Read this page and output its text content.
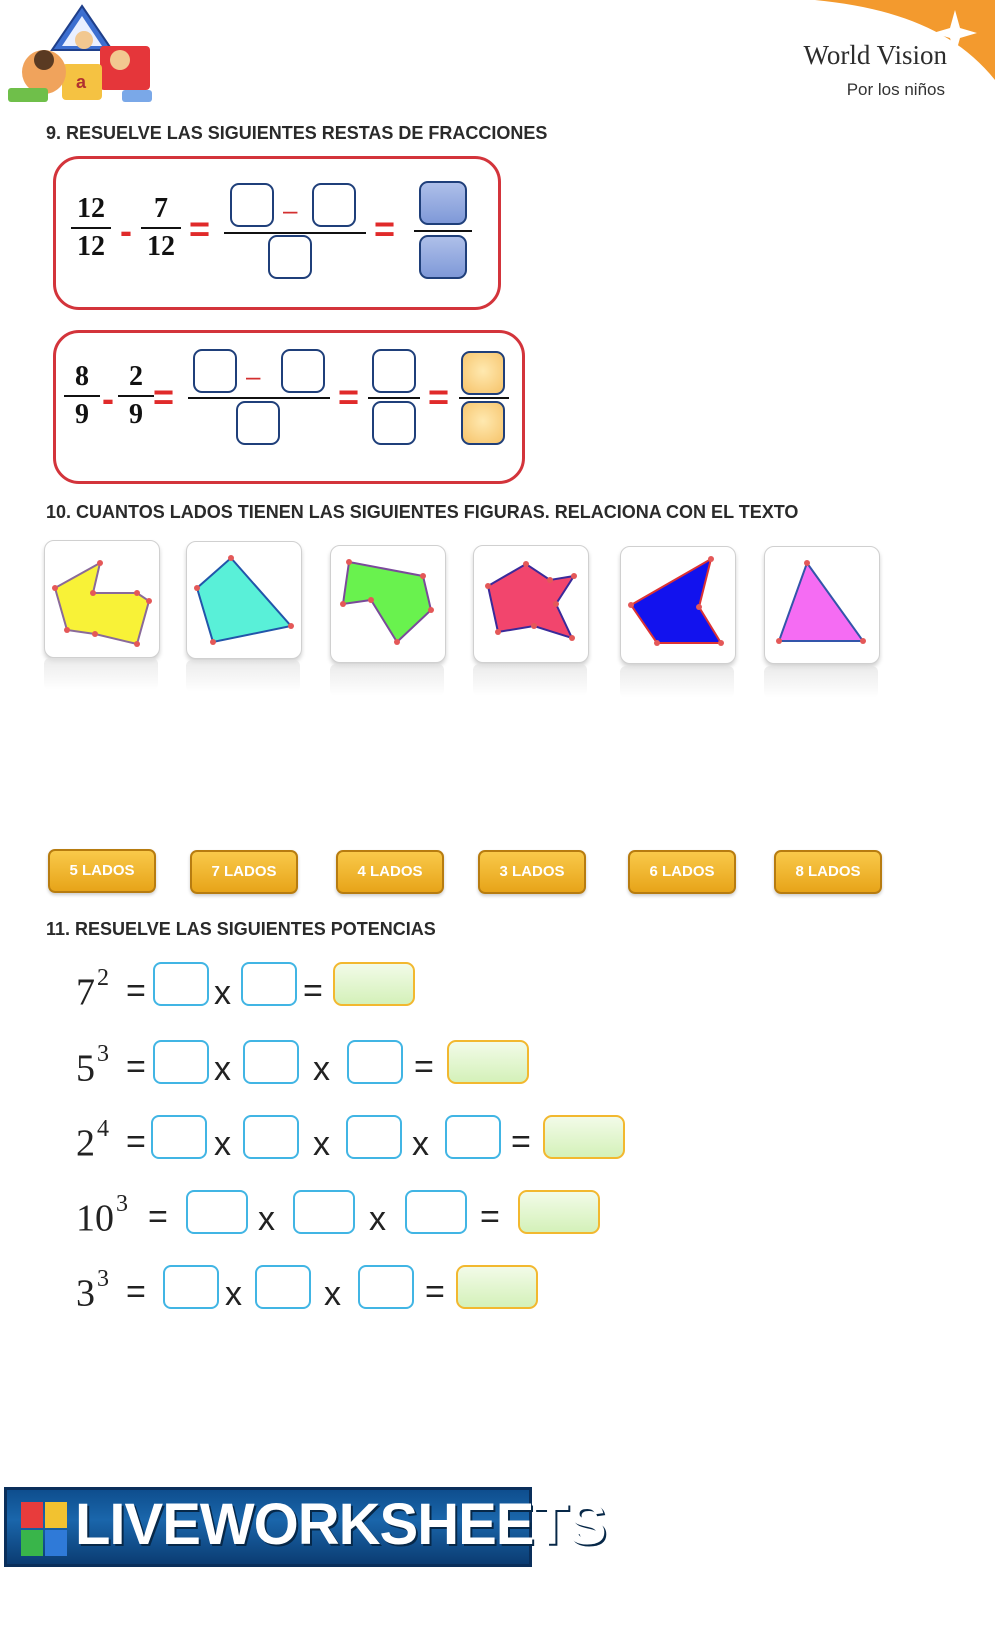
a
World Vision
Por los niños
9. RESUELVE LAS SIGUIENTES RESTAS DE FRACCIONES
$\frac{12}{12} - \frac{7}{12}$ =	– =
$\frac{8}{9} - \frac{2}{9}$ =	– = =
10. CUANTOS LADOS TIENEN LAS SIGUIENTES FIGURAS. RELACIONA CON EL TEXTO
5 LADOS	7 LADOS	4 LADOS	3 LADOS	6 LADOS	8 LADOS
11. RESUELVE LAS SIGUIENTES POTENCIAS
$7^2 = x$ =
$5^3 = x$ x =
$2^4 = x$ x x =
$10^3$ =	x	x	=
$3^3 = x$ x =
LIVEWORKSHEETS
